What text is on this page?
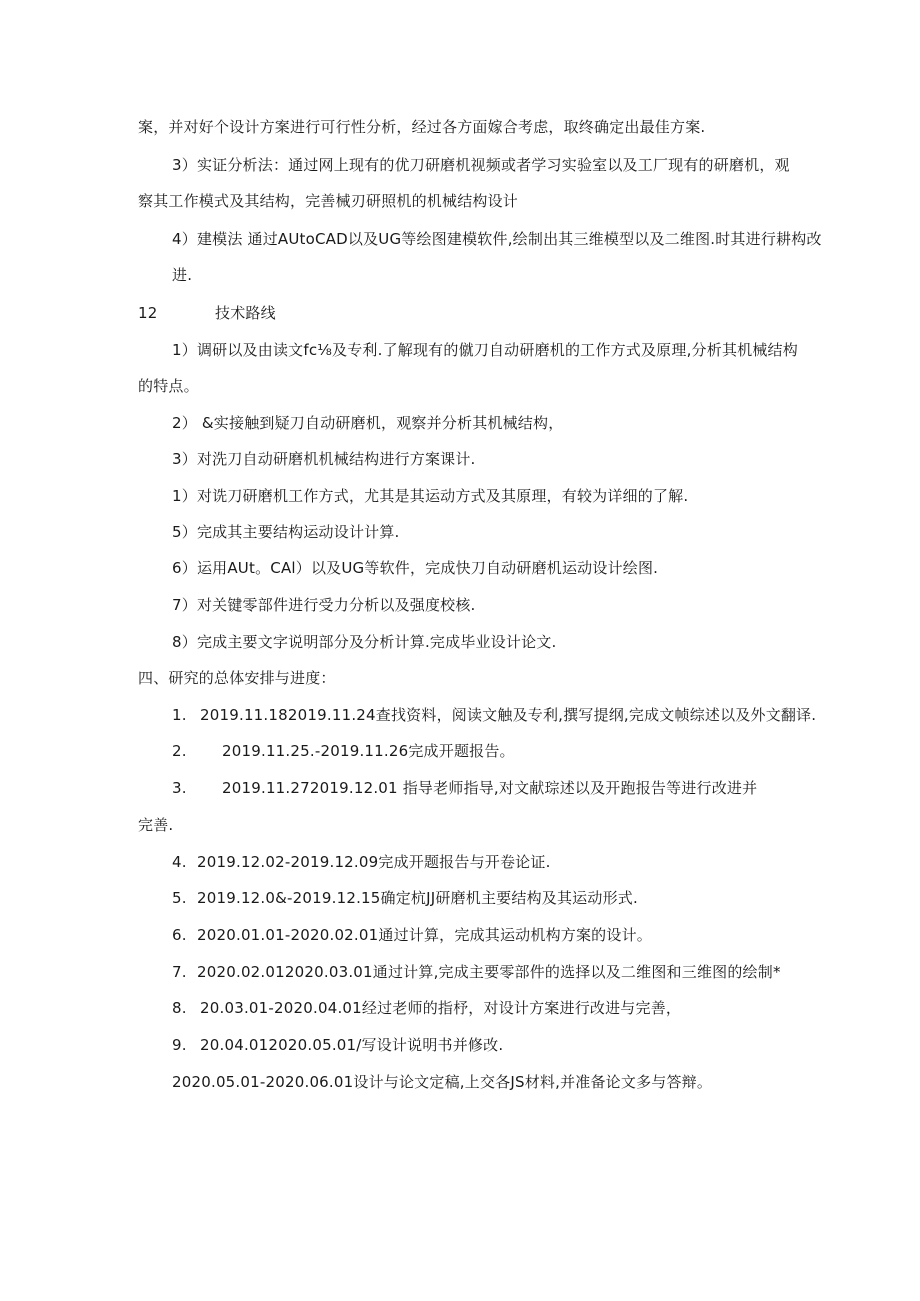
案，并对好个设计方案进行可行性分析，经过各方面嫁合考虑，取终确定出最佳方案.
3）实证分析法：通过网上现有的优刀研磨机视频或者学习实验室以及工厂现有的研磨机，观
察其工作模式及其结构，完善械刃研照机的机械结构设计
4）建模法 通过AUtoCAD以及UG等绘图建模软件,绘制出其三维模型以及二维图.时其进行耕构改
进.
12	技术路线
1）调研以及由读文fc⅛及专利.了解现有的僦刀自动研磨机的工作方式及原理,分析其机械结构
的特点。
2） &实接触到疑刀自动研磨机，观察并分析其机械结构，
3）对洗刀自动研磨机机械结构进行方案课计.
1）对诜刀研磨机工作方式，尤其是其运动方式及其原理，有较为详细的了解.
5）完成其主要结构运动设计计算.
6）运用AUt。CAl）以及UG等软件，完成快刀自动研磨机运动设计绘图.
7）对关键零部件进行受力分析以及强度校核.
8）完成主要文字说明部分及分析计算.完成毕业设计论文.
四、研究的总体安排与进度：
1. 2019.11.182019.11.24查找资料，阅读文触及专利,撰写提纲,完成文帧综述以及外文翻译.
2. 2019.11.25.-2019.11.26完成开题报告。
3. 2019.11.272019.12.01 指导老师指导,对文献琮述以及开跑报告等进行改进并
完善.
4. 2019.12.02-2019.12.09完成开题报告与开卷论证.
5. 2019.12.0&-2019.12.15确定杭JJ研磨机主要结构及其运动形式.
6. 2020.01.01-2020.02.01通过计算，完成其运动机构方案的设计。
7. 2020.02.012020.03.01通过计算,完成主要零部件的选择以及二维图和三维图的绘制*
8. 20.03.01-2020.04.01经过老师的指杼，对设计方案进行改进与完善，
9. 20.04.012020.05.01/写设计说明书并修改.
2020.05.01-2020.06.01设计与论文定稿,上交各JS材料,并准备论文多与答辩。
